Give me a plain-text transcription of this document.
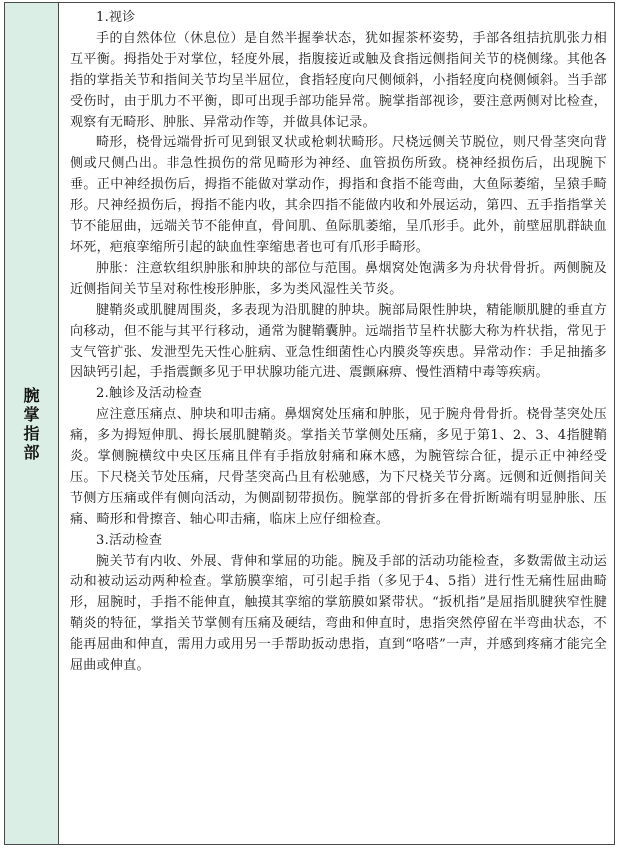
腕
掌
指
部
1.视诊

手的自然体位（休息位）是自然半握拳状态，犹如握茶杯姿势，手部各组拮抗肌张力相互平衡。拇指处于对掌位，轻度外展，指腹接近或触及食指远侧指间关节的桡侧缘。其他各指的掌指关节和指间关节均呈半屈位，食指轻度向尺侧倾斜，小指轻度向桡侧倾斜。当手部受伤时，由于肌力不平衡，即可出现手部功能异常。腕掌指部视诊，要注意两侧对比检查，观察有无畸形、肿胀、异常动作等，并做具体记录。

畸形，桡骨远端骨折可见到银叉状或枪刺状畸形。尺桡远侧关节脱位，则尺骨茎突向背侧或尺侧凸出。非急性损伤的常见畸形为神经、血管损伤所致。桡神经损伤后，出现腕下垂。正中神经损伤后，拇指不能做对掌动作，拇指和食指不能弯曲，大鱼际萎缩，呈猿手畸形。尺神经损伤后，拇指不能内收，其余四指不能做内收和外展运动，第四、五手指指掌关节不能屈曲，远端关节不能伸直，骨间肌、鱼际肌萎缩，呈爪形手。此外，前壁屈肌群缺血坏死，疤痕挛缩所引起的缺血性挛缩患者也可有爪形手畸形。

肿胀：注意软组织肿胀和肿块的部位与范围。鼻烟窝处饱满多为舟状骨骨折。两侧腕及近侧指间关节呈对称性梭形肿胀，多为类风湿性关节炎。

腱鞘炎或肌腱周围炎，多表现为沿肌腱的肿块。腕部局限性肿块，精能顺肌腱的垂直方向移动，但不能与其平行移动，通常为腱鞘囊肿。远端指节呈杵状膨大称为杵状指，常见于支气管扩张、发泄型先天性心脏病、亚急性细菌性心内膜炎等疾患。异常动作：手足抽搐多因缺钙引起，手指震颤多见于甲状腺功能亢进、震颤麻痹、慢性酒精中毒等疾病。

2.触诊及活动检查

应注意压痛点、肿块和叩击痛。鼻烟窝处压痛和肿胀，见于腕舟骨骨折。桡骨茎突处压痛，多为拇短伸肌、拇长展肌腱鞘炎。掌指关节掌侧处压痛，多见于第1、2、3、4指腱鞘炎。掌侧腕横纹中央区压痛且伴有手指放射痛和麻木感，为腕管综合征，提示正中神经受压。下尺桡关节处压痛，尺骨茎突高凸且有松驰感，为下尺桡关节分离。远侧和近侧指间关节侧方压痛或伴有侧向活动，为侧副韧带损伤。腕掌部的骨折多在骨折断端有明显肿胀、压痛、畸形和骨擦音、轴心叩击痛，临床上应仔细检查。

3.活动检查

腕关节有内收、外展、背伸和掌屈的功能。腕及手部的活动功能检查，多数需做主动运动和被动运动两种检查。掌筋膜挛缩，可引起手指（多见于4、5指）进行性无痛性屈曲畸形，屈腕时，手指不能伸直，触摸其挛缩的掌筋膜如紧带状。“扳机指”是屈指肌腱狭窄性腱鞘炎的特征，掌指关节掌侧有压痛及硬结，弯曲和伸直时，患指突然停留在半弯曲状态，不能再屈曲和伸直，需用力或用另一手帮助扳动患指，直到“咯嗒”一声，并感到疼痛才能完全屈曲或伸直。
